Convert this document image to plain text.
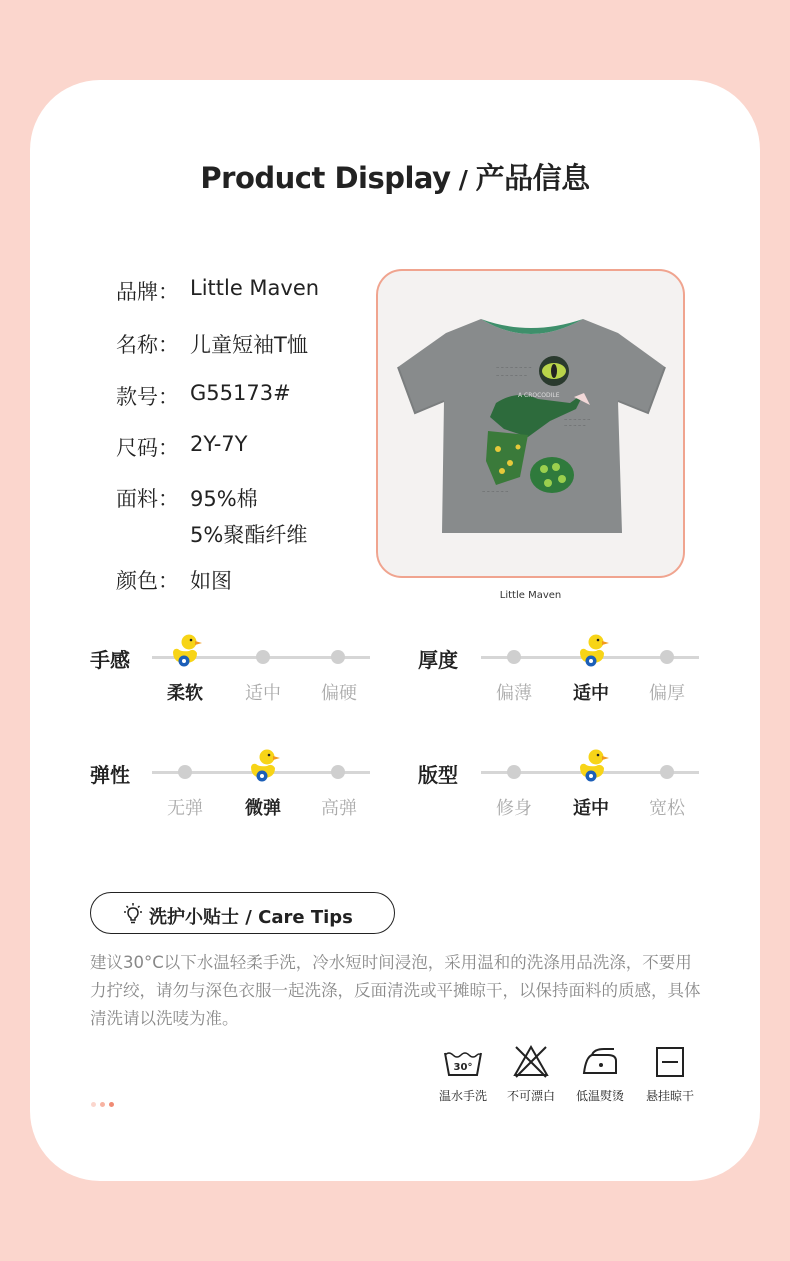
Product Display / 产品信息
品牌： Little Maven
名称： 儿童短袖T恤
款号： G55173#
尺码： 2Y-7Y
面料： 95%棉
5%聚酯纤维
颜色： 如图
~ ~ ~ ~ ~ ~ ~ ~
~ ~ ~ ~ ~ ~ ~
~ ~ ~ ~ ~ ~
~ ~ ~ ~ ~
~ ~ ~ ~ ~ ~
A CROCODILE
Little Maven
手感
柔软	适中	偏硬
厚度
偏薄	适中	偏厚
弹性
无弹	微弹	高弹
版型
修身	适中	宽松
洗护小贴士 / Care Tips

建议30°C以下水温轻柔手洗，冷水短时间浸泡，采用温和的洗涤用品洗涤，不要用力拧绞，请勿与深色衣服一起洗涤，反面清洗或平摊晾干，以保持面料的质感，具体清洗请以洗唛为准。

30°
温水手洗	不可漂白	低温熨烫	悬挂晾干
